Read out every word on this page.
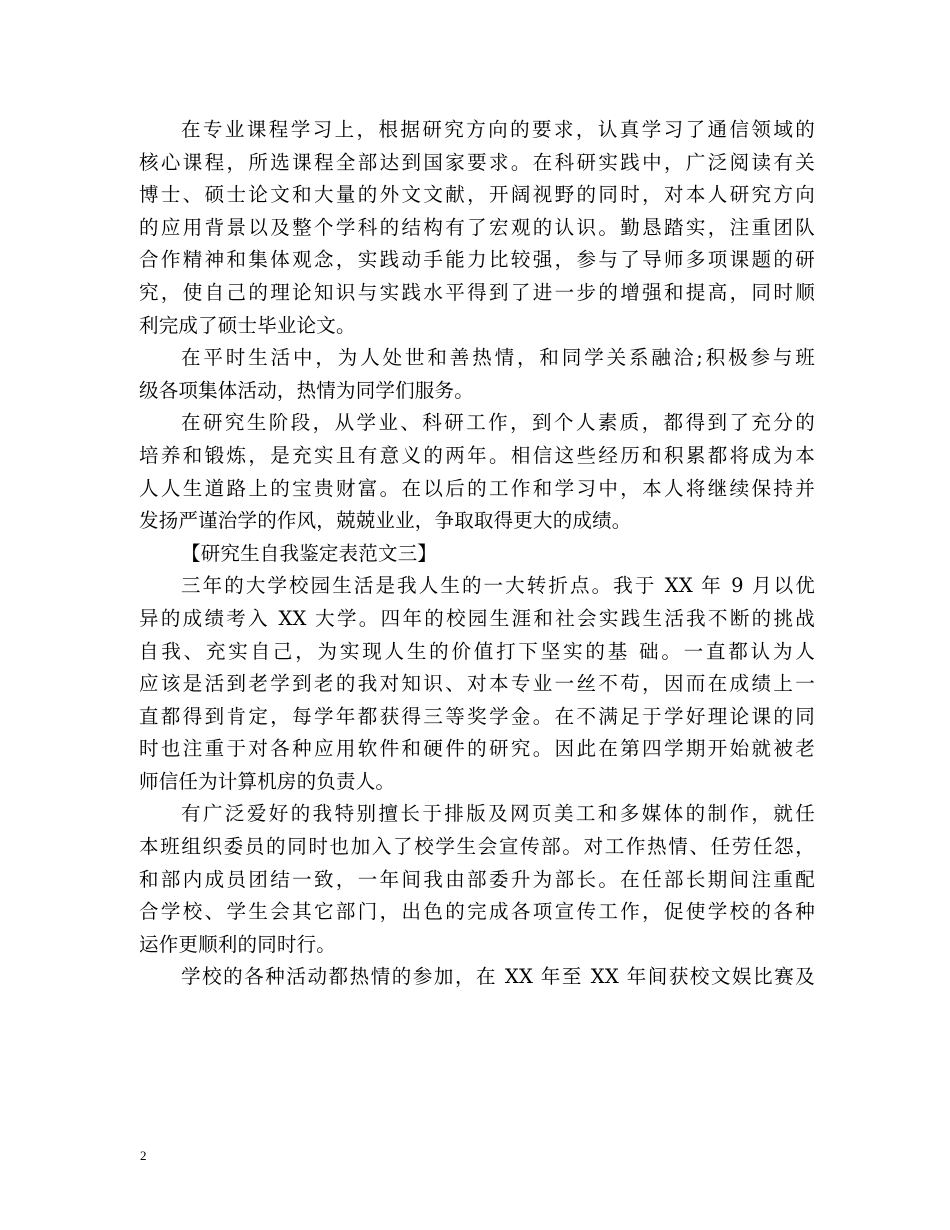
在专业课程学习上，根据研究方向的要求，认真学习了通信领域的
核心课程，所选课程全部达到国家要求。在科研实践中，广泛阅读有关
博士、硕士论文和大量的外文文献，开阔视野的同时，对本人研究方向
的应用背景以及整个学科的结构有了宏观的认识。勤恳踏实，注重团队
合作精神和集体观念，实践动手能力比较强，参与了导师多项课题的研
究，使自己的理论知识与实践水平得到了进一步的增强和提高，同时顺
利完成了硕士毕业论文。
在平时生活中，为人处世和善热情，和同学关系融洽;积极参与班
级各项集体活动，热情为同学们服务。
在研究生阶段，从学业、科研工作，到个人素质，都得到了充分的
培养和锻炼，是充实且有意义的两年。相信这些经历和积累都将成为本
人人生道路上的宝贵财富。在以后的工作和学习中，本人将继续保持并
发扬严谨治学的作风，兢兢业业，争取取得更大的成绩。
【研究生自我鉴定表范文三】
三年的大学校园生活是我人生的一大转折点。我于 XX 年 9 月以优
异的成绩考入 XX 大学。四年的校园生涯和社会实践生活我不断的挑战
自我、充实自己，为实现人生的价值打下坚实的基 础。一直都认为人
应该是活到老学到老的我对知识、对本专业一丝不苟，因而在成绩上一
直都得到肯定，每学年都获得三等奖学金。在不满足于学好理论课的同
时也注重于对各种应用软件和硬件的研究。因此在第四学期开始就被老
师信任为计算机房的负责人。
有广泛爱好的我特别擅长于排版及网页美工和多媒体的制作，就任
本班组织委员的同时也加入了校学生会宣传部。对工作热情、任劳任怨，
和部内成员团结一致，一年间我由部委升为部长。在任部长期间注重配
合学校、学生会其它部门，出色的完成各项宣传工作，促使学校的各种
运作更顺利的同时行。
学校的各种活动都热情的参加，在 XX 年至 XX 年间获校文娱比赛及
2
